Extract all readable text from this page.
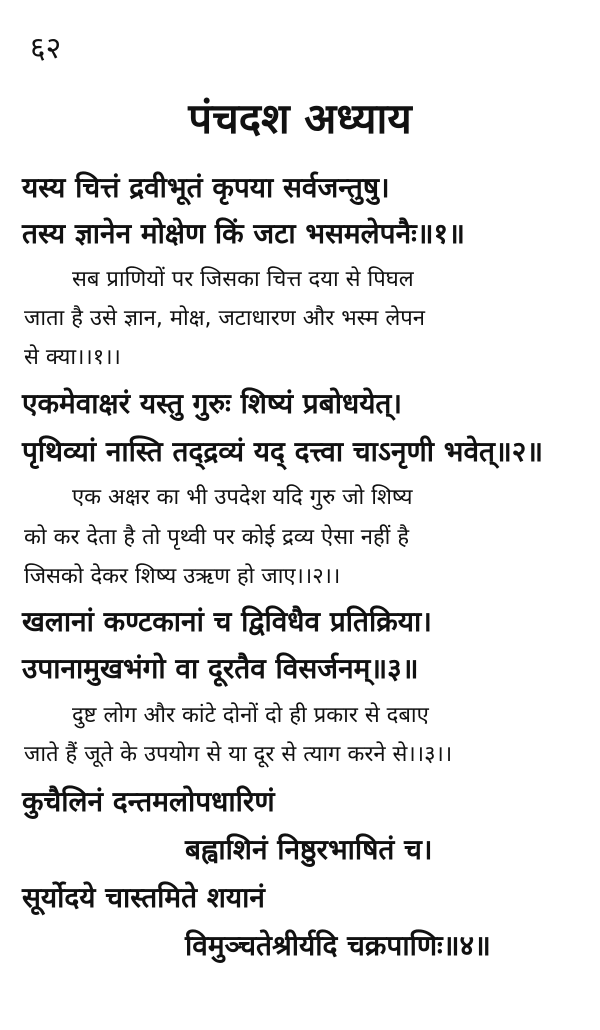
६२
पंचदश अध्याय
यस्य चित्तं द्रवीभूतं कृपया सर्वजन्तुषु।
तस्य ज्ञानेन मोक्षेण किं जटा भसमलेपनैः॥१॥
सब प्राणियों पर जिसका चित्त दया से पिघल
जाता है उसे ज्ञान, मोक्ष, जटाधारण और भस्म लेपन
से क्या।।१।।
एकमेवाक्षरं यस्तु गुरुः शिष्यं प्रबोधयेत्।
पृथिव्यां नास्ति तद्द्रव्यं यद् दत्त्वा चाऽनृणी भवेत्॥२॥
एक अक्षर का भी उपदेश यदि गुरु जो शिष्य
को कर देता है तो पृथ्वी पर कोई द्रव्य ऐसा नहीं है
जिसको देकर शिष्य उऋण हो जाए।।२।।
खलानां कण्टकानां च द्विविधैव प्रतिक्रिया।
उपानामुखभंगो वा दूरतैव विसर्जनम्॥३॥
दुष्ट लोग और कांटे दोनों दो ही प्रकार से दबाए
जाते हैं जूते के उपयोग से या दूर से त्याग करने से।।३।।
कुचैलिनं दन्तमलोपधारिणं
बह्वाशिनं निष्ठुरभाषितं च।
सूर्योदये चास्तमिते शयानं
विमुञ्चतेश्रीर्यदि चक्रपाणिः॥४॥
